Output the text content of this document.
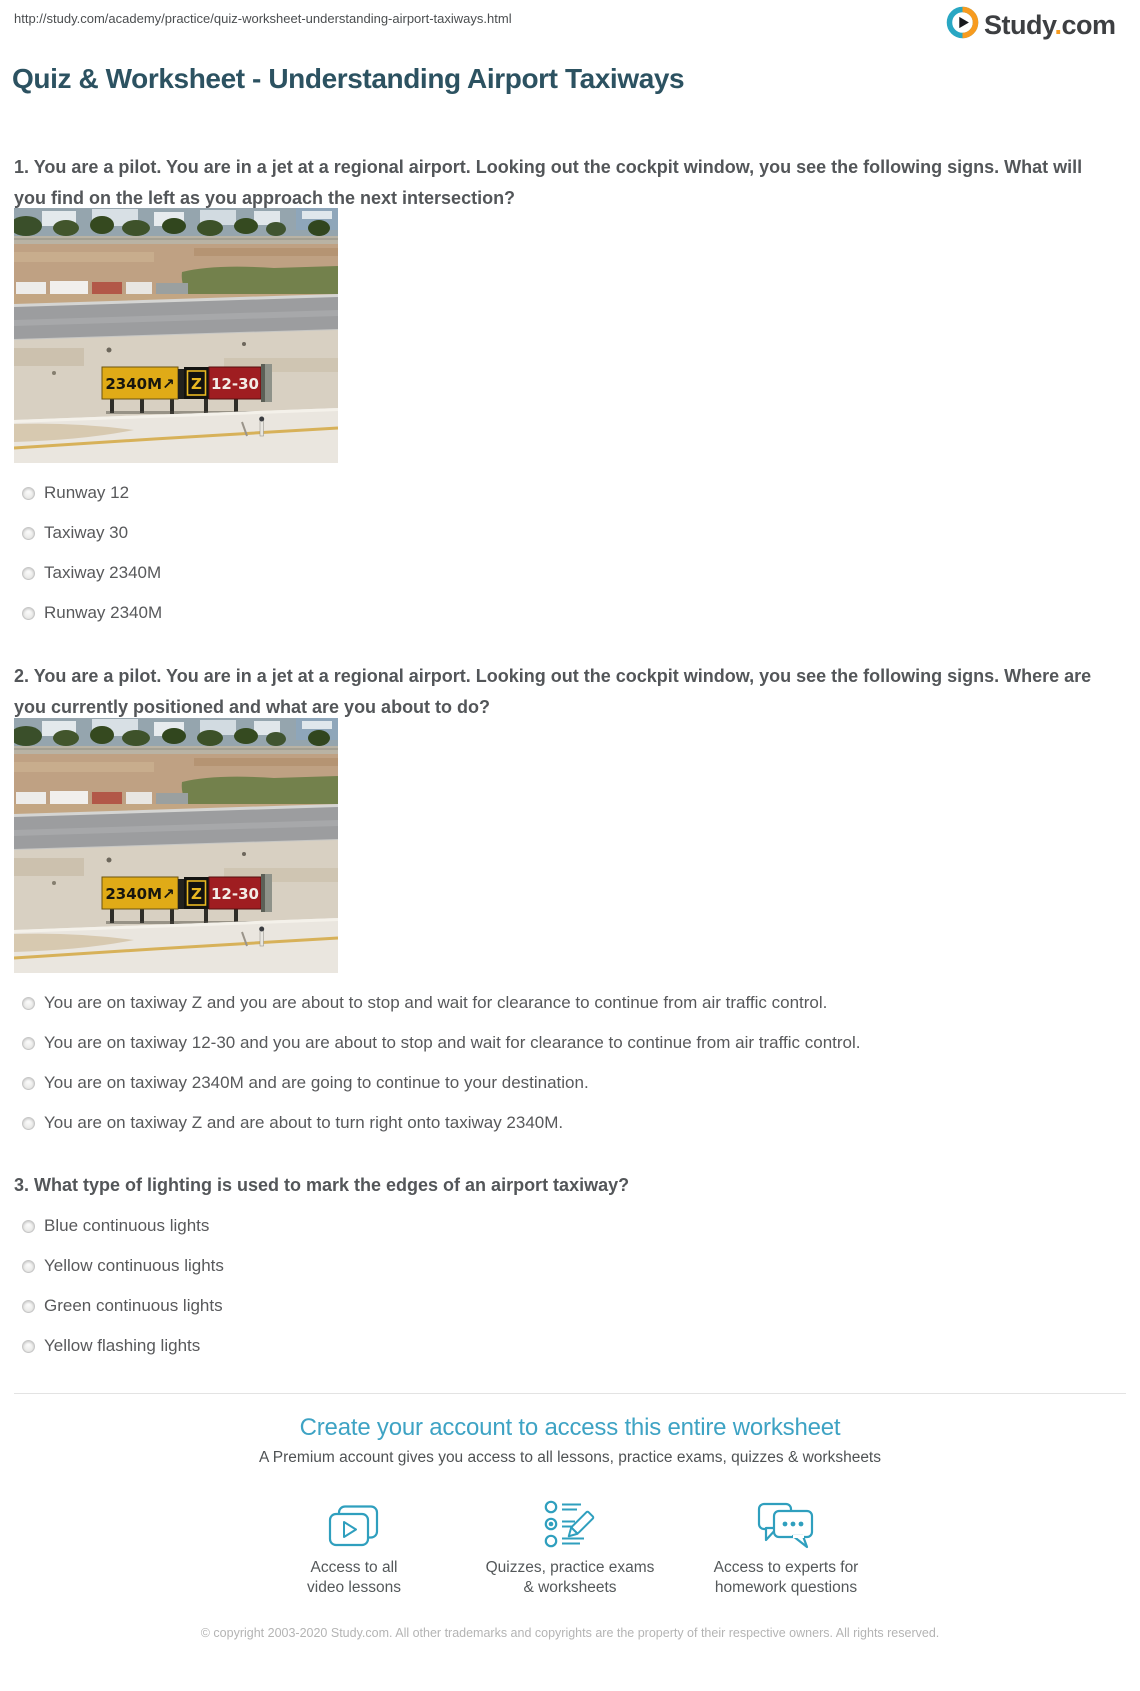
http://study.com/academy/practice/quiz-worksheet-understanding-airport-taxiways.html	Study.com
Quiz & Worksheet - Understanding Airport Taxiways
1. You are a pilot. You are in a jet at a regional airport. Looking out the cockpit window, you see the following signs. What will you find on the left as you approach the next intersection?
Runway 12
Taxiway 30
Taxiway 2340M
Runway 2340M
2. You are a pilot. You are in a jet at a regional airport. Looking out the cockpit window, you see the following signs. Where are you currently positioned and what are you about to do?
You are on taxiway Z and you are about to stop and wait for clearance to continue from air traffic control.
You are on taxiway 12-30 and you are about to stop and wait for clearance to continue from air traffic control.
You are on taxiway 2340M and are going to continue to your destination.
You are on taxiway Z and are about to turn right onto taxiway 2340M.
3. What type of lighting is used to mark the edges of an airport taxiway?
Blue continuous lights
Yellow continuous lights
Green continuous lights
Yellow flashing lights
Create your account to access this entire worksheet
A Premium account gives you access to all lessons, practice exams, quizzes & worksheets
Access to all
video lessons
Quizzes, practice exams
& worksheets
Access to experts for
homework questions
© copyright 2003-2020 Study.com. All other trademarks and copyrights are the property of their respective owners. All rights reserved.
